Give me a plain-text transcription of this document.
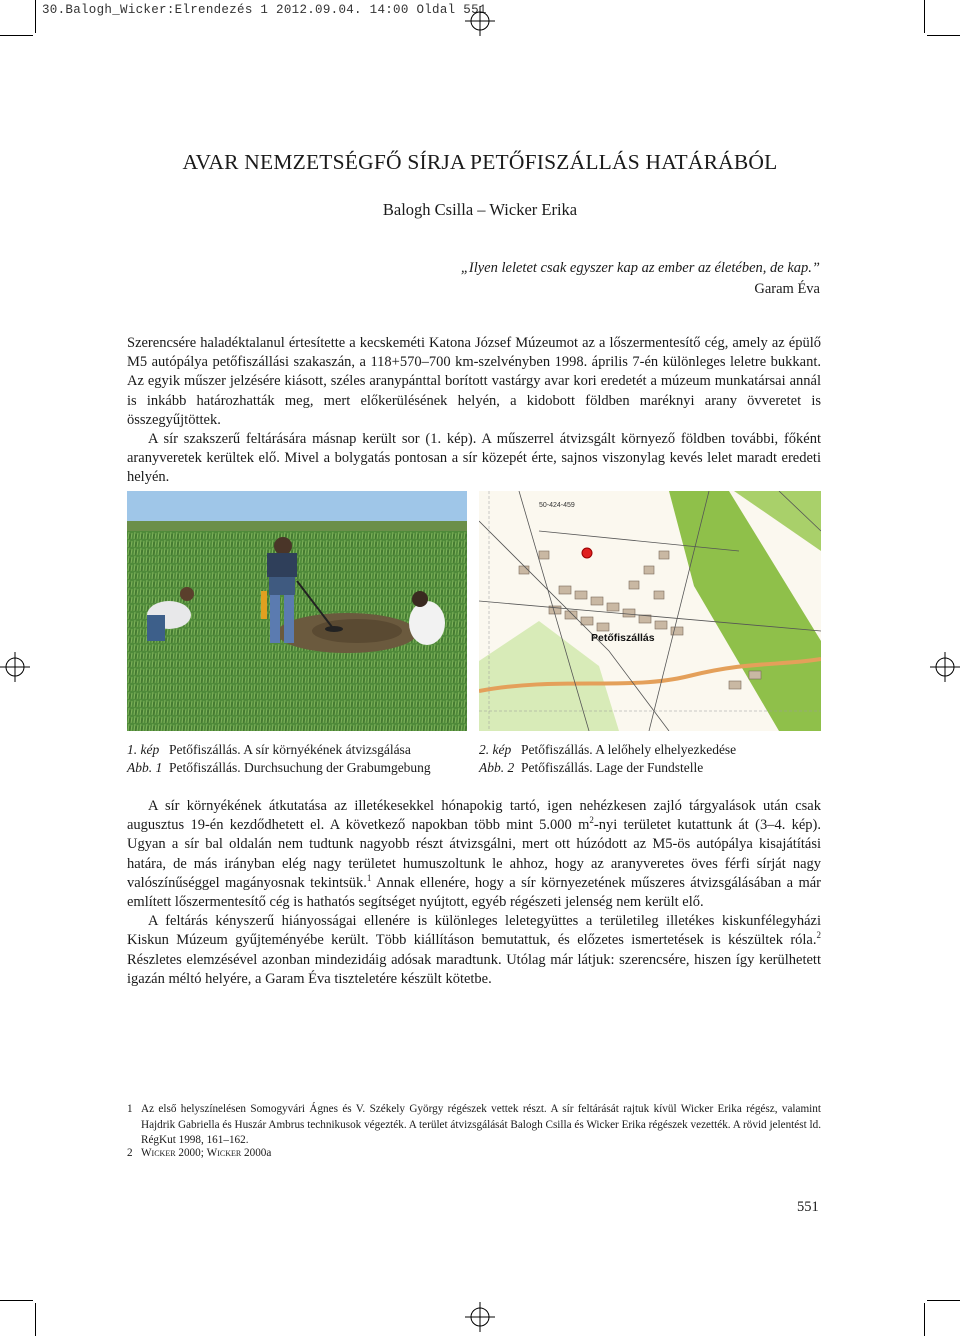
30.Balogh_Wicker:Elrendezés 1 2012.09.04. 14:00 Oldal 551
AVAR NEMZETSÉGFŐ SÍRJA PETŐFISZÁLLÁS HATÁRÁBÓL
Balogh Csilla – Wicker Erika
„Ilyen leletet csak egyszer kap az ember az életében, de kap.”
Garam Éva

Szerencsére haladéktalanul értesítette a kecskeméti Katona József Múzeumot az a lőszermentesítő cég, amely az épülő M5 autópálya petőfiszállási szakaszán, a 118+570–700 km-szelvényben 1998. április 7-én különleges leletre bukkant. Az egyik műszer jelzésére kiásott, széles aranypánttal borított vastárgy avar kori eredetét a múzeum munkatársai annál is inkább határozhatták meg, mert előkerülésének helyén, a kidobott földben maréknyi arany övveretet is összegyűjtöttek.

A sír szakszerű feltárására másnap került sor (1. kép). A műszerrel átvizsgált környező földben további, főként aranyveretek kerültek elő. Mivel a bolygatás pontosan a sír közepét érte, sajnos viszonylag kevés lelet maradt eredeti helyén.

Petőfiszállás
50-424-459
1. kép Petőfiszállás. A sír környékének átvizsgálása
Abb. 1 Petőfiszállás. Durchsuchung der Grabumgebung
2. kép Petőfiszállás. A lelőhely elhelyezkedése
Abb. 2 Petőfiszállás. Lage der Fundstelle

A sír környékének átkutatása az illetékesekkel hónapokig tartó, igen nehézkesen zajló tárgyalások után csak augusztus 19-én kezdődhetett el. A következő napokban több mint 5.000 $m^2$-nyi területet kutattunk át (3–4. kép). Ugyan a sír bal oldalán nem tudtunk nagyobb részt átvizsgálni, mert ott húzódott az M5-ös autópálya kisajátítási határa, de más irányban elég nagy területet humuszoltunk le ahhoz, hogy az aranyveretes öves férfi sírját nagy valószínűséggel magányosnak tekintsük.$^1$ Annak ellenére, hogy a sír környezetének műszeres átvizsgálásában a már említett lőszermentesítő cég is hathatós segítséget nyújtott, egyéb régészeti jelenség nem került elő.

A feltárás kényszerű hiányosságai ellenére is különleges leletegyüttes a területileg illetékes kiskunfélegyházi Kiskun Múzeum gyűjteményébe került. Több kiállításon bemutattuk, és előzetes ismertetések is készültek róla.$^2$ Részletes elemzésével azonban mindezidáig adósak maradtunk. Utólag már látjuk: szerencsére, hiszen így kerülhetett igazán méltó helyére, a Garam Éva tiszteletére készült kötetbe.

1 Az első helyszínelésen Somogyvári Ágnes és V. Székely György régészek vettek részt. A sír feltárását rajtuk kívül Wicker Erika régész, valamint Hajdrik Gabriella és Huszár Ambrus technikusok végezték. A terület átvizsgálását Balogh Csilla és Wicker Erika régészek vezették. A rövid jelentést ld. RégKut 1998, 161–162.
2 Wicker 2000; Wicker 2000a
551
